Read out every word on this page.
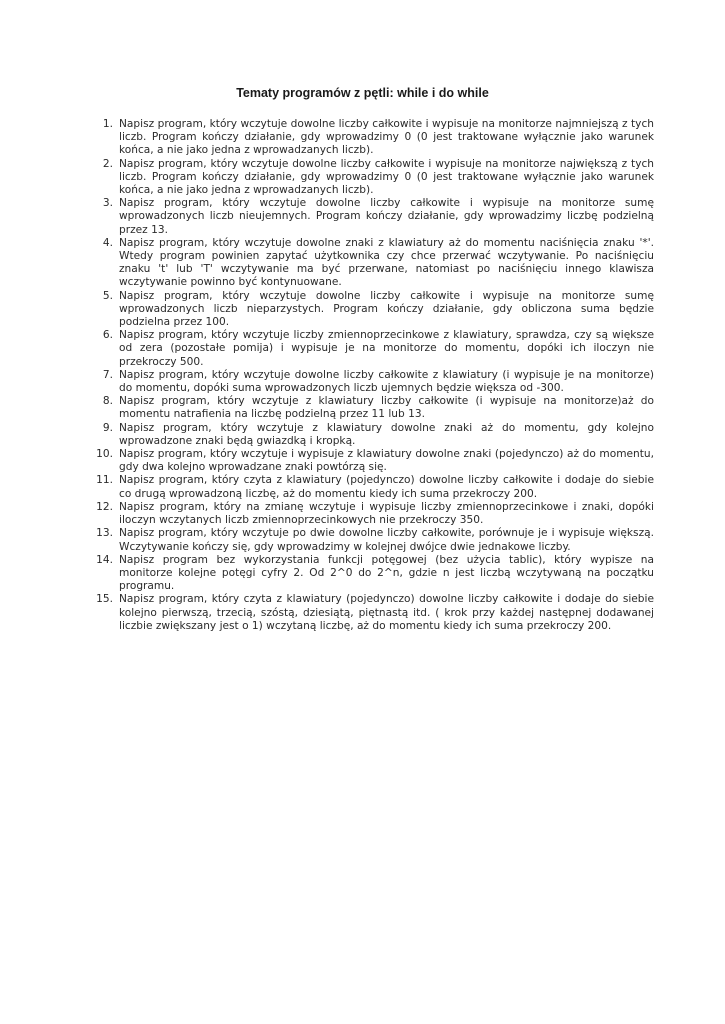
Tematy programów z pętli: while i do while
1. Napisz program, który wczytuje dowolne liczby całkowite i wypisuje na monitorze najmniejszą z tych liczb. Program kończy działanie, gdy wprowadzimy 0 (0 jest traktowane wyłącznie jako warunek końca, a nie jako jedna z wprowadzanych liczb).
2. Napisz program, który wczytuje dowolne liczby całkowite i wypisuje na monitorze największą z tych liczb. Program kończy działanie, gdy wprowadzimy 0 (0 jest traktowane wyłącznie jako warunek końca, a nie jako jedna z wprowadzanych liczb).
3. Napisz program, który wczytuje dowolne liczby całkowite i wypisuje na monitorze sumę wprowadzonych liczb nieujemnych. Program kończy działanie, gdy wprowadzimy liczbę podzielną przez 13.
4. Napisz program, który wczytuje dowolne znaki z klawiatury aż do momentu naciśnięcia znaku '*'. Wtedy program powinien zapytać użytkownika czy chce przerwać wczytywanie. Po naciśnięciu znaku 't' lub 'T' wczytywanie ma być przerwane, natomiast po naciśnięciu innego klawisza wczytywanie powinno być kontynuowane.
5. Napisz program, który wczytuje dowolne liczby całkowite i wypisuje na monitorze sumę wprowadzonych liczb nieparzystych. Program kończy działanie, gdy obliczona suma będzie podzielna przez 100.
6. Napisz program, który wczytuje liczby zmiennoprzecinkowe z klawiatury, sprawdza, czy są większe od zera (pozostałe pomija) i wypisuje je na monitorze do momentu, dopóki ich iloczyn nie przekroczy 500.
7. Napisz program, który wczytuje dowolne liczby całkowite z klawiatury (i wypisuje je na monitorze) do momentu, dopóki suma wprowadzonych liczb ujemnych będzie większa od -300.
8. Napisz program, który wczytuje z klawiatury liczby całkowite (i wypisuje na monitorze)aż do momentu natrafienia na liczbę podzielną przez 11 lub 13.
9. Napisz program, który wczytuje z klawiatury dowolne znaki aż do momentu, gdy kolejno wprowadzone znaki będą gwiazdką i kropką.
10. Napisz program, który wczytuje i wypisuje z klawiatury dowolne znaki (pojedynczo) aż do momentu, gdy dwa kolejno wprowadzane znaki powtórzą się.
11. Napisz program, który czyta z klawiatury (pojedynczo) dowolne liczby całkowite i dodaje do siebie co drugą wprowadzoną liczbę, aż do momentu kiedy ich suma przekroczy 200.
12. Napisz program, który na zmianę wczytuje i wypisuje liczby zmiennoprzecinkowe i znaki, dopóki iloczyn wczytanych liczb zmiennoprzecinkowych nie przekroczy 350.
13. Napisz program, który wczytuje po dwie dowolne liczby całkowite, porównuje je i wypisuje większą. Wczytywanie kończy się, gdy wprowadzimy w kolejnej dwójce dwie jednakowe liczby.
14. Napisz program bez wykorzystania funkcji potęgowej (bez użycia tablic), który wypisze na monitorze kolejne potęgi cyfry 2. Od 2^0 do 2^n, gdzie n jest liczbą wczytywaną na początku programu.
15. Napisz program, który czyta z klawiatury (pojedynczo) dowolne liczby całkowite i dodaje do siebie kolejno pierwszą, trzecią, szóstą, dziesiątą, piętnastą itd. ( krok przy każdej następnej dodawanej liczbie zwiększany jest o 1) wczytaną liczbę, aż do momentu kiedy ich suma przekroczy 200.
